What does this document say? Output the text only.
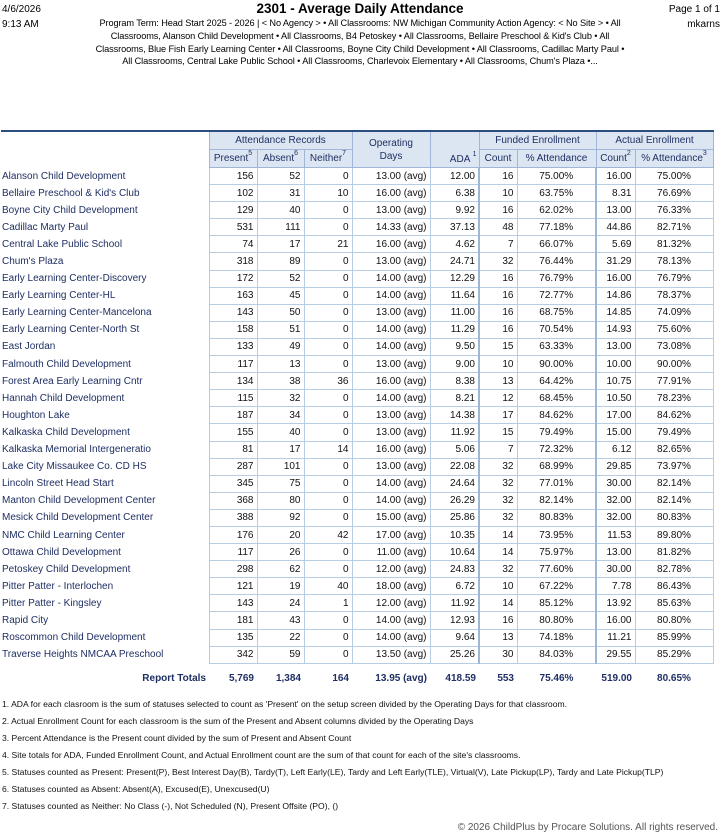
4/6/2026
9:13 AM
2301 - Average Daily Attendance
Program Term: Head Start 2025 - 2026 | < No Agency > • All Classrooms: NW Michigan Community Action Agency: < No Site > • All Classrooms, Alanson Child Development • All Classrooms, B4 Petoskey • All Classrooms, Bellaire Preschool & Kid's Club • All Classrooms, Blue Fish Early Learning Center • All Classrooms, Boyne City Child Development • All Classrooms, Cadillac Marty Paul • All Classrooms, Central Lake Public School • All Classrooms, Charlevoix Elementary • All Classrooms, Chum's Plaza •...
Page 1 of 1
mkarns
	Attendance Records			Operating Days	ADA $^1$	Funded Enrollment		Actual Enrollment	
	Present$^5$	Absent$^6$	Neither$^7$			Count	% Attendance	Count$^2$	% Attendance$^3$
Alanson Child Development	156	52	0	13.00 (avg)	12.00	16	75.00%	16.00	75.00%
Bellaire Preschool & Kid's Club	102	31	10	16.00 (avg)	6.38	10	63.75%	8.31	76.69%
Boyne City Child Development	129	40	0	13.00 (avg)	9.92	16	62.02%	13.00	76.33%
Cadillac Marty Paul	531	111	0	14.33 (avg)	37.13	48	77.18%	44.86	82.71%
Central Lake Public School	74	17	21	16.00 (avg)	4.62	7	66.07%	5.69	81.32%
Chum's Plaza	318	89	0	13.00 (avg)	24.71	32	76.44%	31.29	78.13%
Early Learning Center-Discovery	172	52	0	14.00 (avg)	12.29	16	76.79%	16.00	76.79%
Early Learning Center-HL	163	45	0	14.00 (avg)	11.64	16	72.77%	14.86	78.37%
Early Learning Center-Mancelona	143	50	0	13.00 (avg)	11.00	16	68.75%	14.85	74.09%
Early Learning Center-North St	158	51	0	14.00 (avg)	11.29	16	70.54%	14.93	75.60%
East Jordan	133	49	0	14.00 (avg)	9.50	15	63.33%	13.00	73.08%
Falmouth Child Development	117	13	0	13.00 (avg)	9.00	10	90.00%	10.00	90.00%
Forest Area Early Learning Cntr	134	38	36	16.00 (avg)	8.38	13	64.42%	10.75	77.91%
Hannah Child Development	115	32	0	14.00 (avg)	8.21	12	68.45%	10.50	78.23%
Houghton Lake	187	34	0	13.00 (avg)	14.38	17	84.62%	17.00	84.62%
Kalkaska Child Development	155	40	0	13.00 (avg)	11.92	15	79.49%	15.00	79.49%
Kalkaska Memorial Intergeneratio	81	17	14	16.00 (avg)	5.06	7	72.32%	6.12	82.65%
Lake City Missaukee Co. CD HS	287	101	0	13.00 (avg)	22.08	32	68.99%	29.85	73.97%
Lincoln Street Head Start	345	75	0	14.00 (avg)	24.64	32	77.01%	30.00	82.14%
Manton Child Development Center	368	80	0	14.00 (avg)	26.29	32	82.14%	32.00	82.14%
Mesick Child Development Center	388	92	0	15.00 (avg)	25.86	32	80.83%	32.00	80.83%
NMC Child Learning Center	176	20	42	17.00 (avg)	10.35	14	73.95%	11.53	89.80%
Ottawa Child Development	117	26	0	11.00 (avg)	10.64	14	75.97%	13.00	81.82%
Petoskey Child Development	298	62	0	12.00 (avg)	24.83	32	77.60%	30.00	82.78%
Pitter Patter - Interlochen	121	19	40	18.00 (avg)	6.72	10	67.22%	7.78	86.43%
Pitter Patter - Kingsley	143	24	1	12.00 (avg)	11.92	14	85.12%	13.92	85.63%
Rapid City	181	43	0	14.00 (avg)	12.93	16	80.80%	16.00	80.80%
Roscommon Child Development	135	22	0	14.00 (avg)	9.64	13	74.18%	11.21	85.99%
Traverse Heights NMCAA Preschool	342	59	0	13.50 (avg)	25.26	30	84.03%	29.55	85.29%
Report Totals	5,769	1,384	164	13.95 (avg)	418.59	553	75.46%	519.00	80.65%
1. ADA for each clasroom is the sum of statuses selected to count as 'Present' on the setup screen divided by the Operating Days for that classroom.
2. Actual Enrollment Count for each classroom is the sum of the Present and Absent columns divided by the Operating Days
3. Percent Attendance is the Present count divided by the sum of Present and Absent Count
4. Site totals for ADA, Funded Enrollment Count, and Actual Enrollment count are the sum of that count for each of the site's classrooms.
5. Statuses counted as Present: Present(P), Best Interest Day(B), Tardy(T), Left Early(LE), Tardy and Left Early(TLE), Virtual(V), Late Pickup(LP), Tardy and Late Pickup(TLP)
6. Statuses counted as Absent: Absent(A), Excused(E), Unexcused(U)
7. Statuses counted as Neither: No Class (-), Not Scheduled (N), Present Offsite (PO), ()
© 2026 ChildPlus by Procare Solutions. All rights reserved.
